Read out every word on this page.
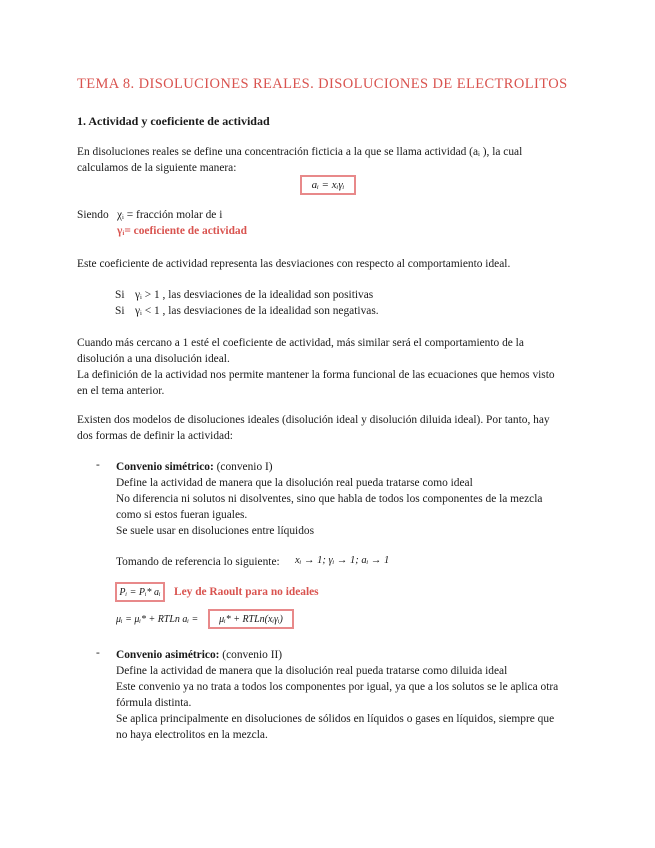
TEMA 8. DISOLUCIONES REALES. DISOLUCIONES DE ELECTROLITOS
1. Actividad y coeficiente de actividad
En disoluciones reales se define una concentración ficticia a la que se llama actividad (aᵢ ), la cual
calculamos de la siguiente manera:
aᵢ = xᵢγᵢ
Siendo χᵢ = fracción molar de i
γᵢ= coeficiente de actividad
Este coeficiente de actividad representa las desviaciones con respecto al comportamiento ideal.
Si γᵢ > 1 , las desviaciones de la idealidad son positivas
Si γᵢ < 1 , las desviaciones de la idealidad son negativas.
Cuando más cercano a 1 esté el coeficiente de actividad, más similar será el comportamiento de la
disolución a una disolución ideal.
La definición de la actividad nos permite mantener la forma funcional de las ecuaciones que hemos visto
en el tema anterior.
Existen dos modelos de disoluciones ideales (disolución ideal y disolución diluida ideal). Por tanto, hay
dos formas de definir la actividad:
- Convenio simétrico: (convenio I)
Define la actividad de manera que la disolución real pueda tratarse como ideal
No diferencia ni solutos ni disolventes, sino que habla de todos los componentes de la mezcla
como si estos fueran iguales.
Se suele usar en disoluciones entre líquidos
Tomando de referencia lo siguiente: xᵢ → 1; γᵢ → 1; aᵢ → 1
Pᵢ = Pᵢ* aᵢ	Ley de Raoult para no ideales
μᵢ = μᵢ* + RTLn aᵢ =	μᵢ* + RTLn(xᵢγᵢ)
- Convenio asimétrico: (convenio II)
Define la actividad de manera que la disolución real pueda tratarse como diluida ideal
Este convenio ya no trata a todos los componentes por igual, ya que a los solutos se le aplica otra
fórmula distinta.
Se aplica principalmente en disoluciones de sólidos en líquidos o gases en líquidos, siempre que
no haya electrolitos en la mezcla.
